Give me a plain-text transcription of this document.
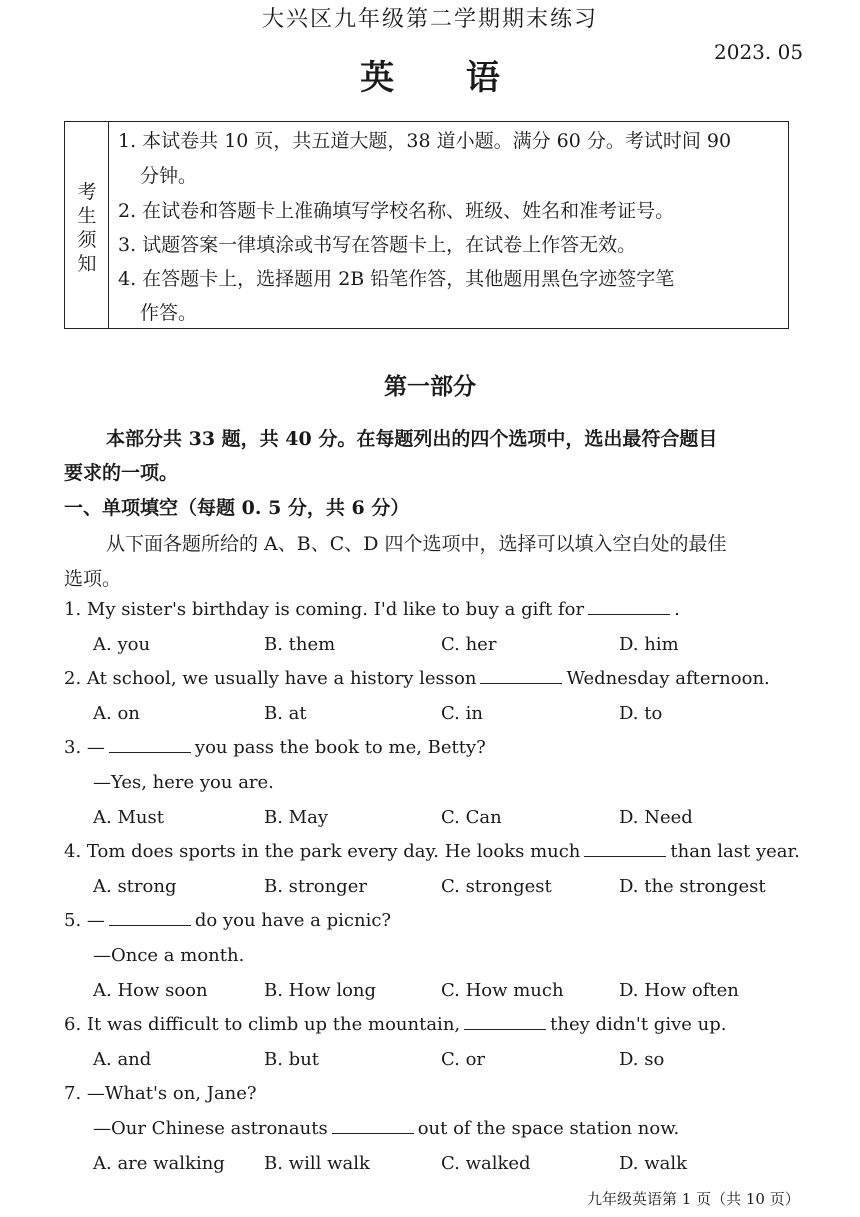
大兴区九年级第二学期期末练习
2023. 05
英 语
考生须知
1. 本试卷共 10 页，共五道大题，38 道小题。满分 60 分。考试时间 90
分钟。
2. 在试卷和答题卡上准确填写学校名称、班级、姓名和准考证号。
3. 试题答案一律填涂或书写在答题卡上，在试卷上作答无效。
4. 在答题卡上，选择题用 2B 铅笔作答，其他题用黑色字迹签字笔
作答。
第一部分
本部分共 33 题，共 40 分。在每题列出的四个选项中，选出最符合题目
要求的一项。
一、单项填空（每题 0. 5 分，共 6 分）
从下面各题所给的 A、B、C、D 四个选项中，选择可以填入空白处的最佳
选项。
1. My sister's birthday is coming. I'd like to buy a gift for	.
A. you	B. them	C. her	D. him
2. At school, we usually have a history lesson	Wednesday afternoon.
A. on	B. at	C. in	D. to
3. —	you pass the book to me, Betty?
—Yes, here you are.
A. Must	B. May	C. Can	D. Need
4. Tom does sports in the park every day. He looks much	than last year.
A. strong	B. stronger	C. strongest	D. the strongest
5. —	do you have a picnic?
—Once a month.
A. How soon	B. How long	C. How much	D. How often
6. It was difficult to climb up the mountain,	they didn't give up.
A. and	B. but	C. or	D. so
7. —What's on, Jane?
—Our Chinese astronauts	out of the space station now.
A. are walking B. will walk	C. walked	D. walk
九年级英语第 1 页（共 10 页）
